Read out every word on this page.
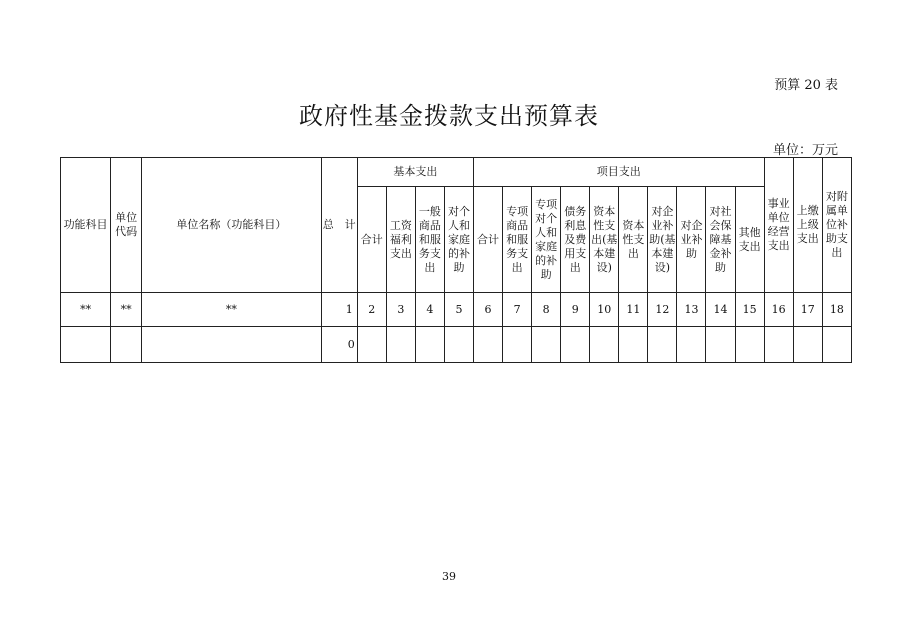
预算 20 表
政府性基金拨款支出预算表
单位：万元
功能科目	单位代码	单位名称（功能科目）	总　计	基本支出				项目支出										事业单位经营支出	上缴上级支出	对附属单位补助支出
				合计	工资福利支出	一般商品和服务支出	对个人和家庭的补助	合计	专项商品和服务支出	专项对个人和家庭的补助	债务利息及费用支出	资本性支出(基本建设)	资本性支出	对企业补助(基本建设)	对企业补助	对社会保障基金补助	其他支出			
**	**	**	1	2	3	4	5	6	7	8	9	10	11	12	13	14	15	16	17	18
			0																	
39
